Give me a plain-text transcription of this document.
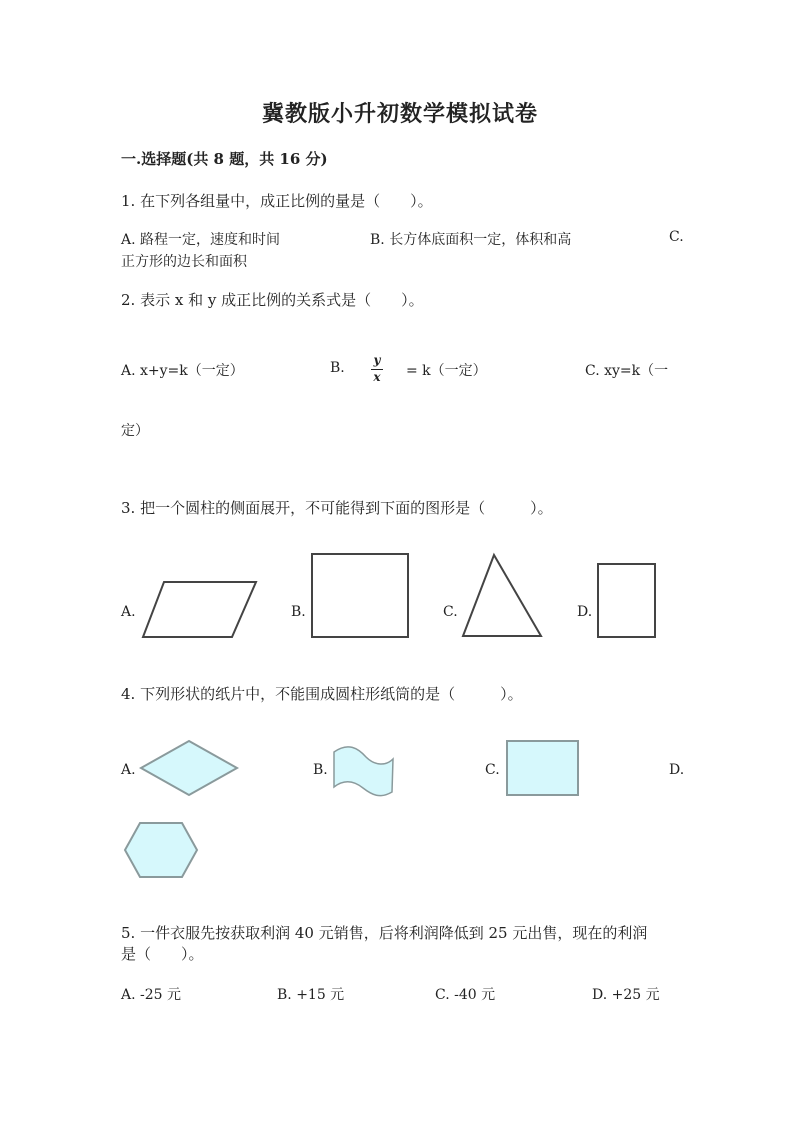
冀教版小升初数学模拟试卷
一.选择题(共 8 题，共 16 分)
1. 在下列各组量中，成正比例的量是（　　）。
A. 路程一定，速度和时间	B. 长方体底面积一定，体积和高	C.
正方形的边长和面积
2. 表示 x 和 y 成正比例的关系式是（　　）。
A. x+y=k（一定）	B. y
x = k（一定）	C. xy=k（一
定）
3. 把一个圆柱的侧面展开，不可能得到下面的图形是（　　　）。
A.	B.	C.	D.
4. 下列形状的纸片中，不能围成圆柱形纸筒的是（　　　）。
A.	B.	C.	D.
5. 一件衣服先按获取利润 40 元销售，后将利润降低到 25 元出售，现在的利润
是（　　）。
A. -25 元	B. +15 元	C. -40 元	D. +25 元
